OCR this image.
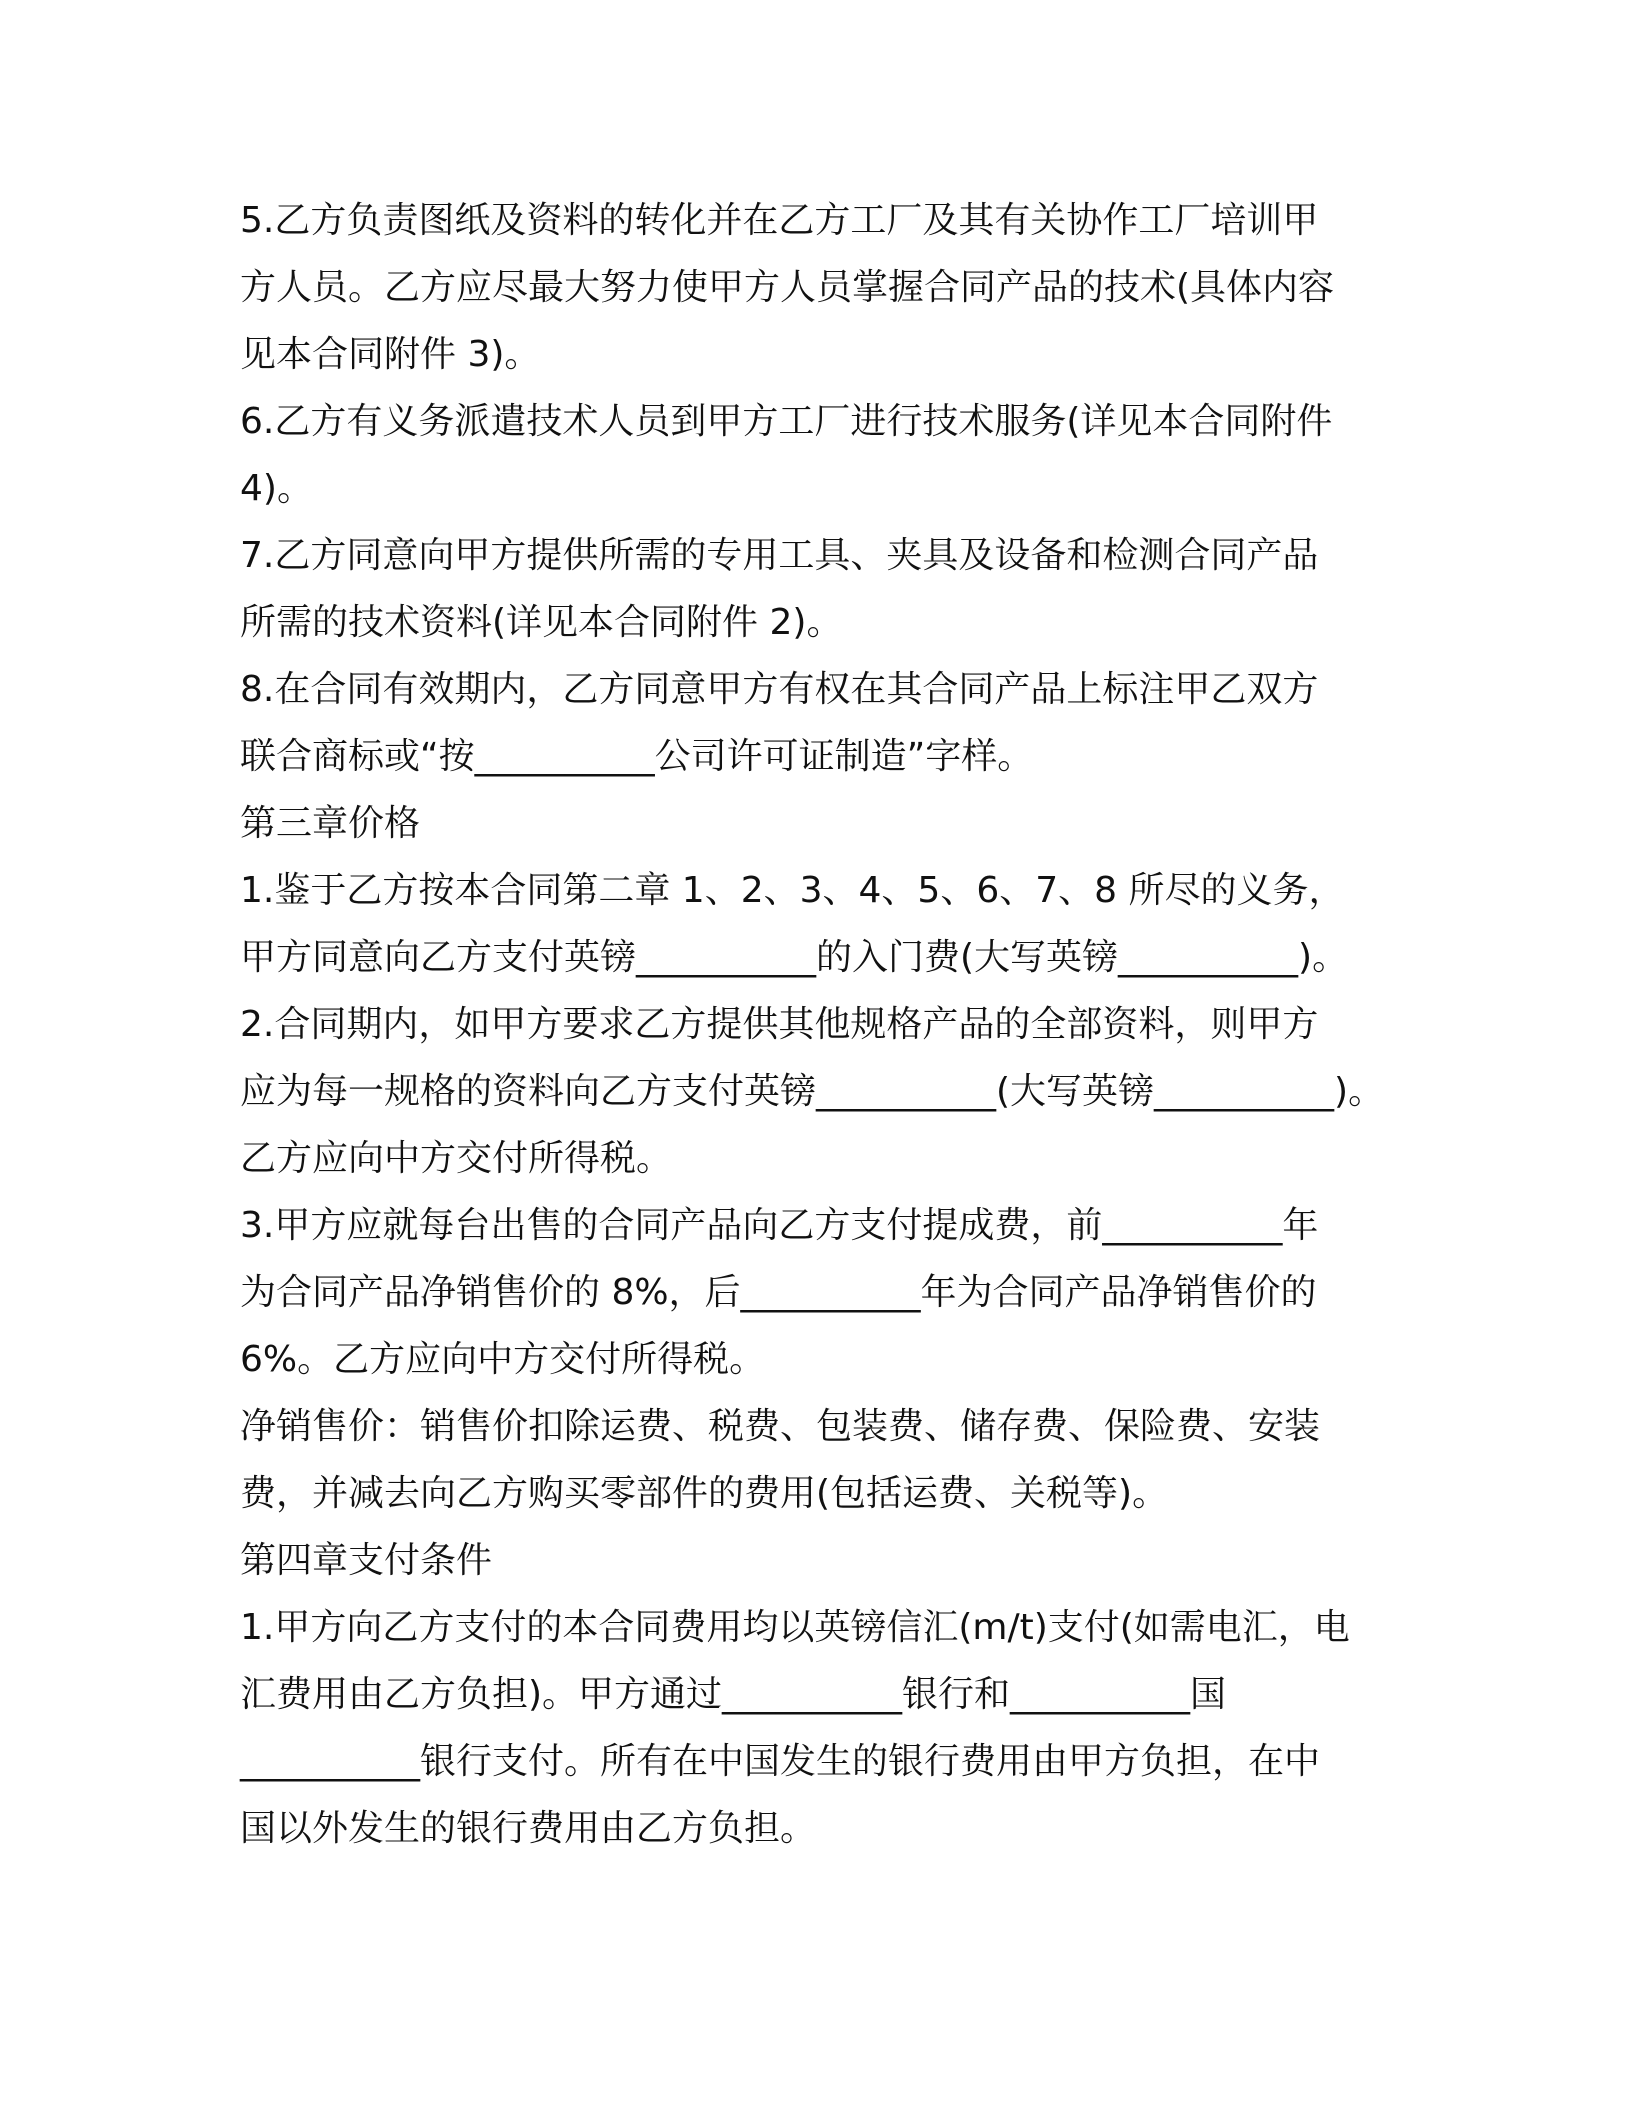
5.乙方负责图纸及资料的转化并在乙方工厂及其有关协作工厂培训甲

方人员。乙方应尽最大努力使甲方人员掌握合同产品的技术(具体内容

见本合同附件 3)。

6.乙方有义务派遣技术人员到甲方工厂进行技术服务(详见本合同附件

4)。

7.乙方同意向甲方提供所需的专用工具、夹具及设备和检测合同产品

所需的技术资料(详见本合同附件 2)。

8.在合同有效期内，乙方同意甲方有权在其合同产品上标注甲乙双方

联合商标或“按__________公司许可证制造”字样。

第三章价格

1.鉴于乙方按本合同第二章 1、2、3、4、5、6、7、8 所尽的义务，

甲方同意向乙方支付英镑__________的入门费(大写英镑__________)。

2.合同期内，如甲方要求乙方提供其他规格产品的全部资料，则甲方

应为每一规格的资料向乙方支付英镑__________(大写英镑__________)。

乙方应向中方交付所得税。

3.甲方应就每台出售的合同产品向乙方支付提成费，前__________年

为合同产品净销售价的 8%，后__________年为合同产品净销售价的

6%。乙方应向中方交付所得税。

净销售价：销售价扣除运费、税费、包装费、储存费、保险费、安装

费，并减去向乙方购买零部件的费用(包括运费、关税等)。

第四章支付条件

1.甲方向乙方支付的本合同费用均以英镑信汇(m/t)支付(如需电汇，电

汇费用由乙方负担)。甲方通过__________银行和__________国

__________银行支付。所有在中国发生的银行费用由甲方负担，在中

国以外发生的银行费用由乙方负担。
